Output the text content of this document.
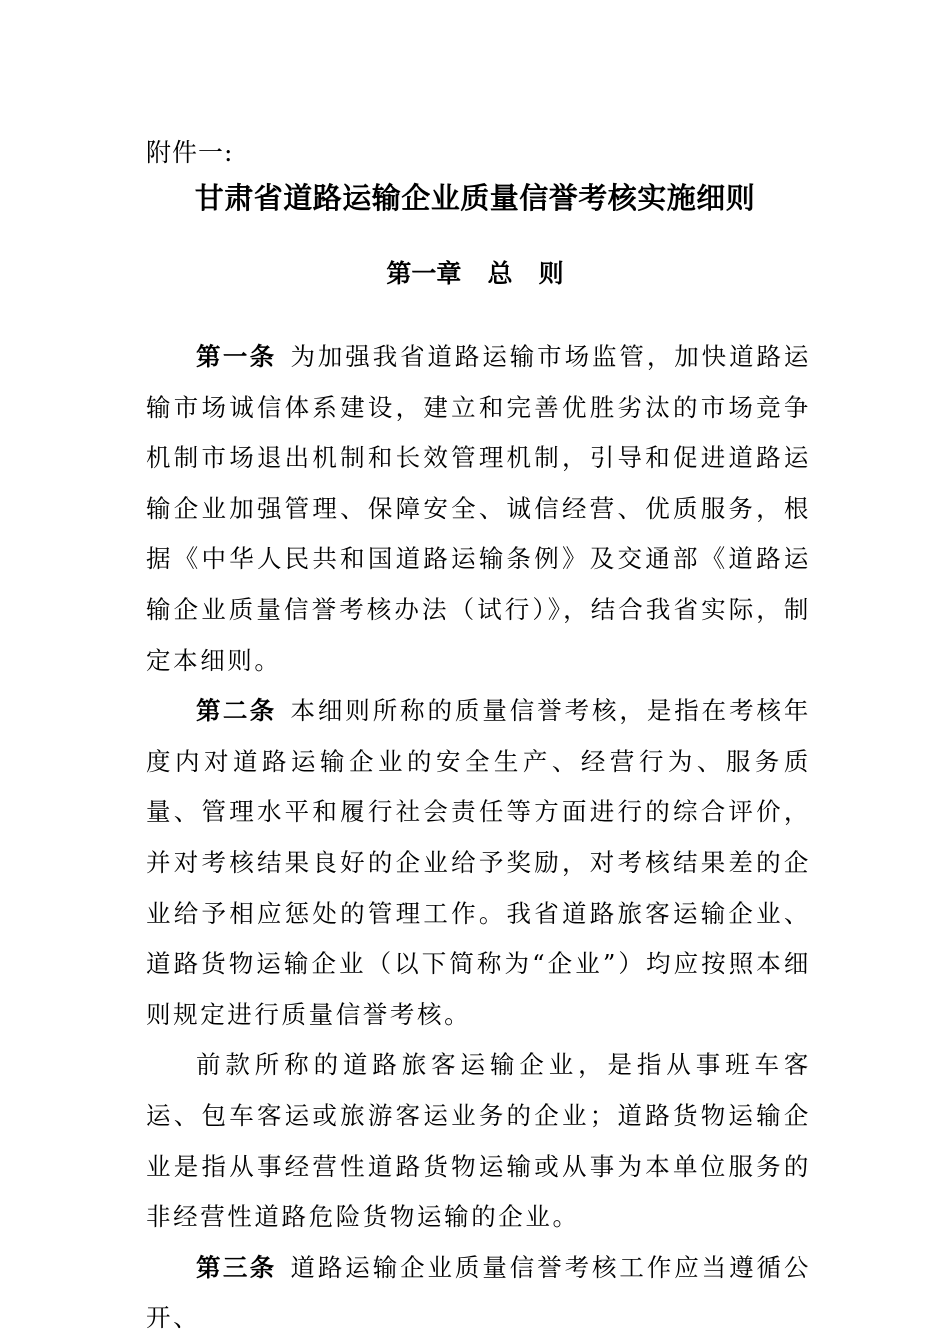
附件一:
甘肃省道路运输企业质量信誉考核实施细则
第一章   总   则

第一条 为加强我省道路运输市场监管，加快道路运输市场诚信体系建设，建立和完善优胜劣汰的市场竞争机制市场退出机制和长效管理机制，引导和促进道路运输企业加强管理、保障安全、诚信经营、优质服务，根据《中华人民共和国道路运输条例》及交通部《道路运输企业质量信誉考核办法（试行）》，结合我省实际，制定本细则。

第二条 本细则所称的质量信誉考核，是指在考核年度内对道路运输企业的安全生产、经营行为、服务质量、管理水平和履行社会责任等方面进行的综合评价，并对考核结果良好的企业给予奖励，对考核结果差的企业给予相应惩处的管理工作。我省道路旅客运输企业、道路货物运输企业（以下简称为“企业”）均应按照本细则规定进行质量信誉考核。

前款所称的道路旅客运输企业，是指从事班车客运、包车客运或旅游客运业务的企业；道路货物运输企业是指从事经营性道路货物运输或从事为本单位服务的非经营性道路危险货物运输的企业。

第三条 道路运输企业质量信誉考核工作应当遵循公开、
